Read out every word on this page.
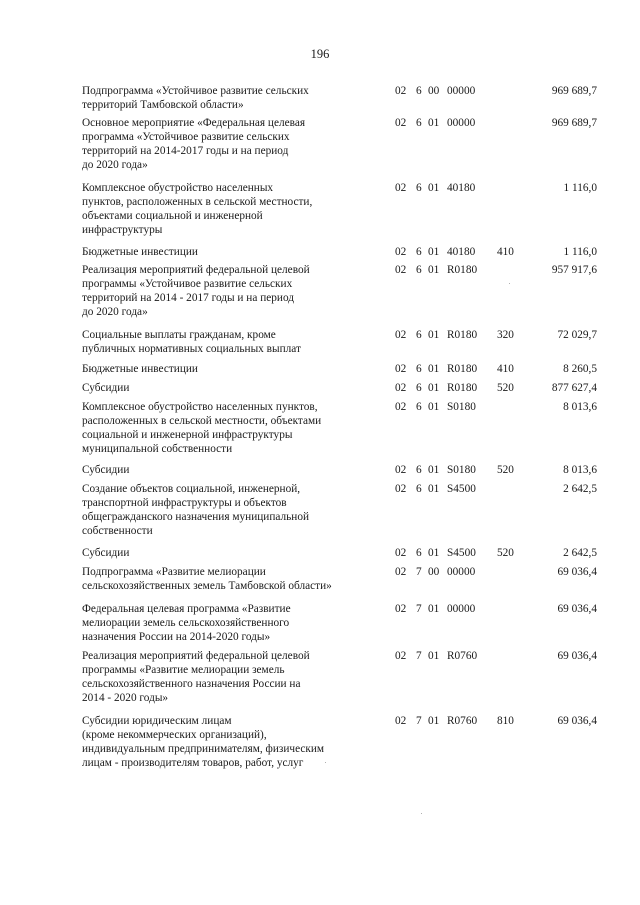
196
Подпрограмма «Устойчивое развитие сельских
территорий Тамбовской области»
02 6 00 00000	969 689,7
Основное мероприятие «Федеральная целевая
программа «Устойчивое развитие сельских
территорий на 2014-2017 годы и на период
до 2020 года»
02 6 01 00000	969 689,7
Комплексное обустройство населенных
пунктов, расположенных в сельской местности,
объектами социальной и инженерной
инфраструктуры
02 6 01 40180	1 116,0
Бюджетные инвестиции	02 6 01 40180 410	1 116,0
Реализация мероприятий федеральной целевой
программы «Устойчивое развитие сельских
территорий на 2014 - 2017 годы и на период
до 2020 года»
02 6 01 R0180	957 917,6
Социальные выплаты гражданам, кроме
публичных нормативных социальных выплат
02 6 01 R0180 320	72 029,7
Бюджетные инвестиции	02 6 01 R0180 410	8 260,5
Субсидии	02 6 01 R0180 520	877 627,4
Комплексное обустройство населенных пунктов,
расположенных в сельской местности, объектами
социальной и инженерной инфраструктуры
муниципальной собственности
02 6 01 S0180	8 013,6
Субсидии	02 6 01 S0180 520	8 013,6
Создание объектов социальной, инженерной,
транспортной инфраструктуры и объектов
общегражданского назначения муниципальной
собственности
02 6 01 S4500	2 642,5
Субсидии	02 6 01 S4500 520	2 642,5
Подпрограмма «Развитие мелиорации
сельскохозяйственных земель Тамбовской области»
02 7 00 00000	69 036,4
Федеральная целевая программа «Развитие
мелиорации земель сельскохозяйственного
назначения России на 2014-2020 годы»
02 7 01 00000	69 036,4
Реализация мероприятий федеральной целевой
программы «Развитие мелиорации земель
сельскохозяйственного назначения России на
2014 - 2020 годы»
02 7 01 R0760	69 036,4
Субсидии юридическим лицам
(кроме некоммерческих организаций),
индивидуальным предпринимателям, физическим
лицам - производителям товаров, работ, услуг
02 7 01 R0760 810	69 036,4
